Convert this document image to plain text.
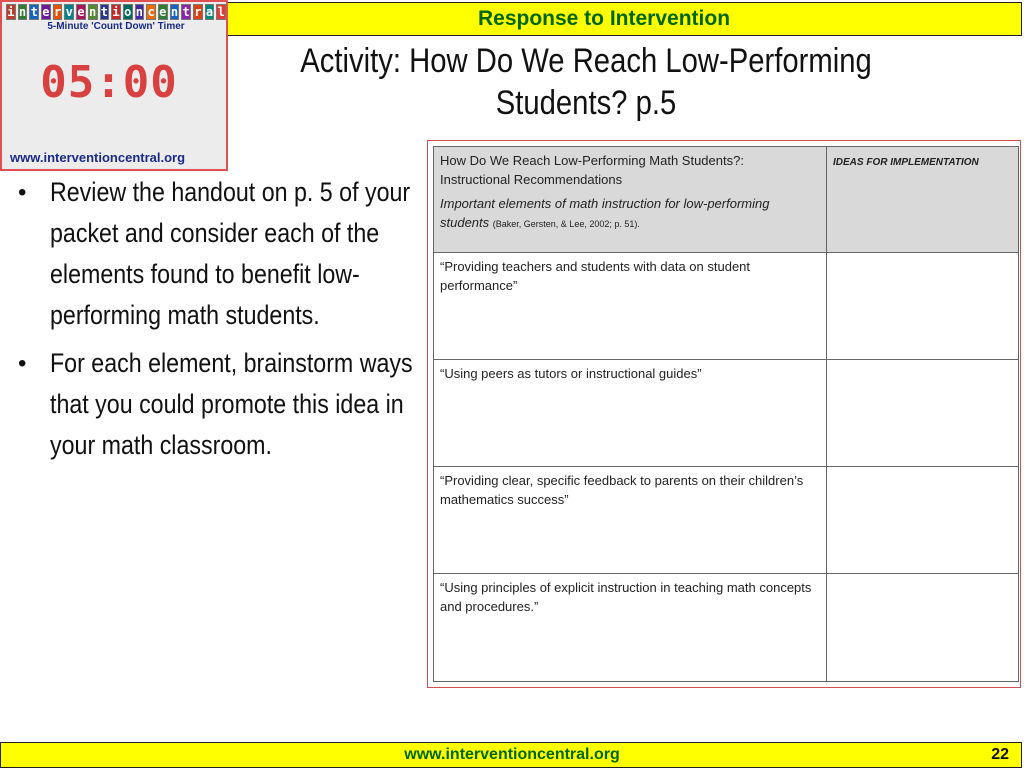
Response to Intervention
i n t e r v e n t i o n c e n t r a l
5-Minute 'Count Down' Timer
05:00
www.interventioncentral.org
Activity: How Do We Reach Low-Performing
Students? p.5
• Review the handout on p. 5 of your packet and consider each of the elements found to benefit low-performing math students.
• For each element, brainstorm ways that you could promote this idea in your math classroom.
How Do We Reach Low-Performing Math Students?:
Instructional Recommendations
Important elements of math instruction for low-performing students (Baker, Gersten, & Lee, 2002; p. 51).	IDEAS FOR IMPLEMENTATION
“Providing teachers and students with data on student performance”	
“Using peers as tutors or instructional guides”	
“Providing clear, specific feedback to parents on their children’s mathematics success”	
“Using principles of explicit instruction in teaching math concepts and procedures.”	
www.interventioncentral.org	22
